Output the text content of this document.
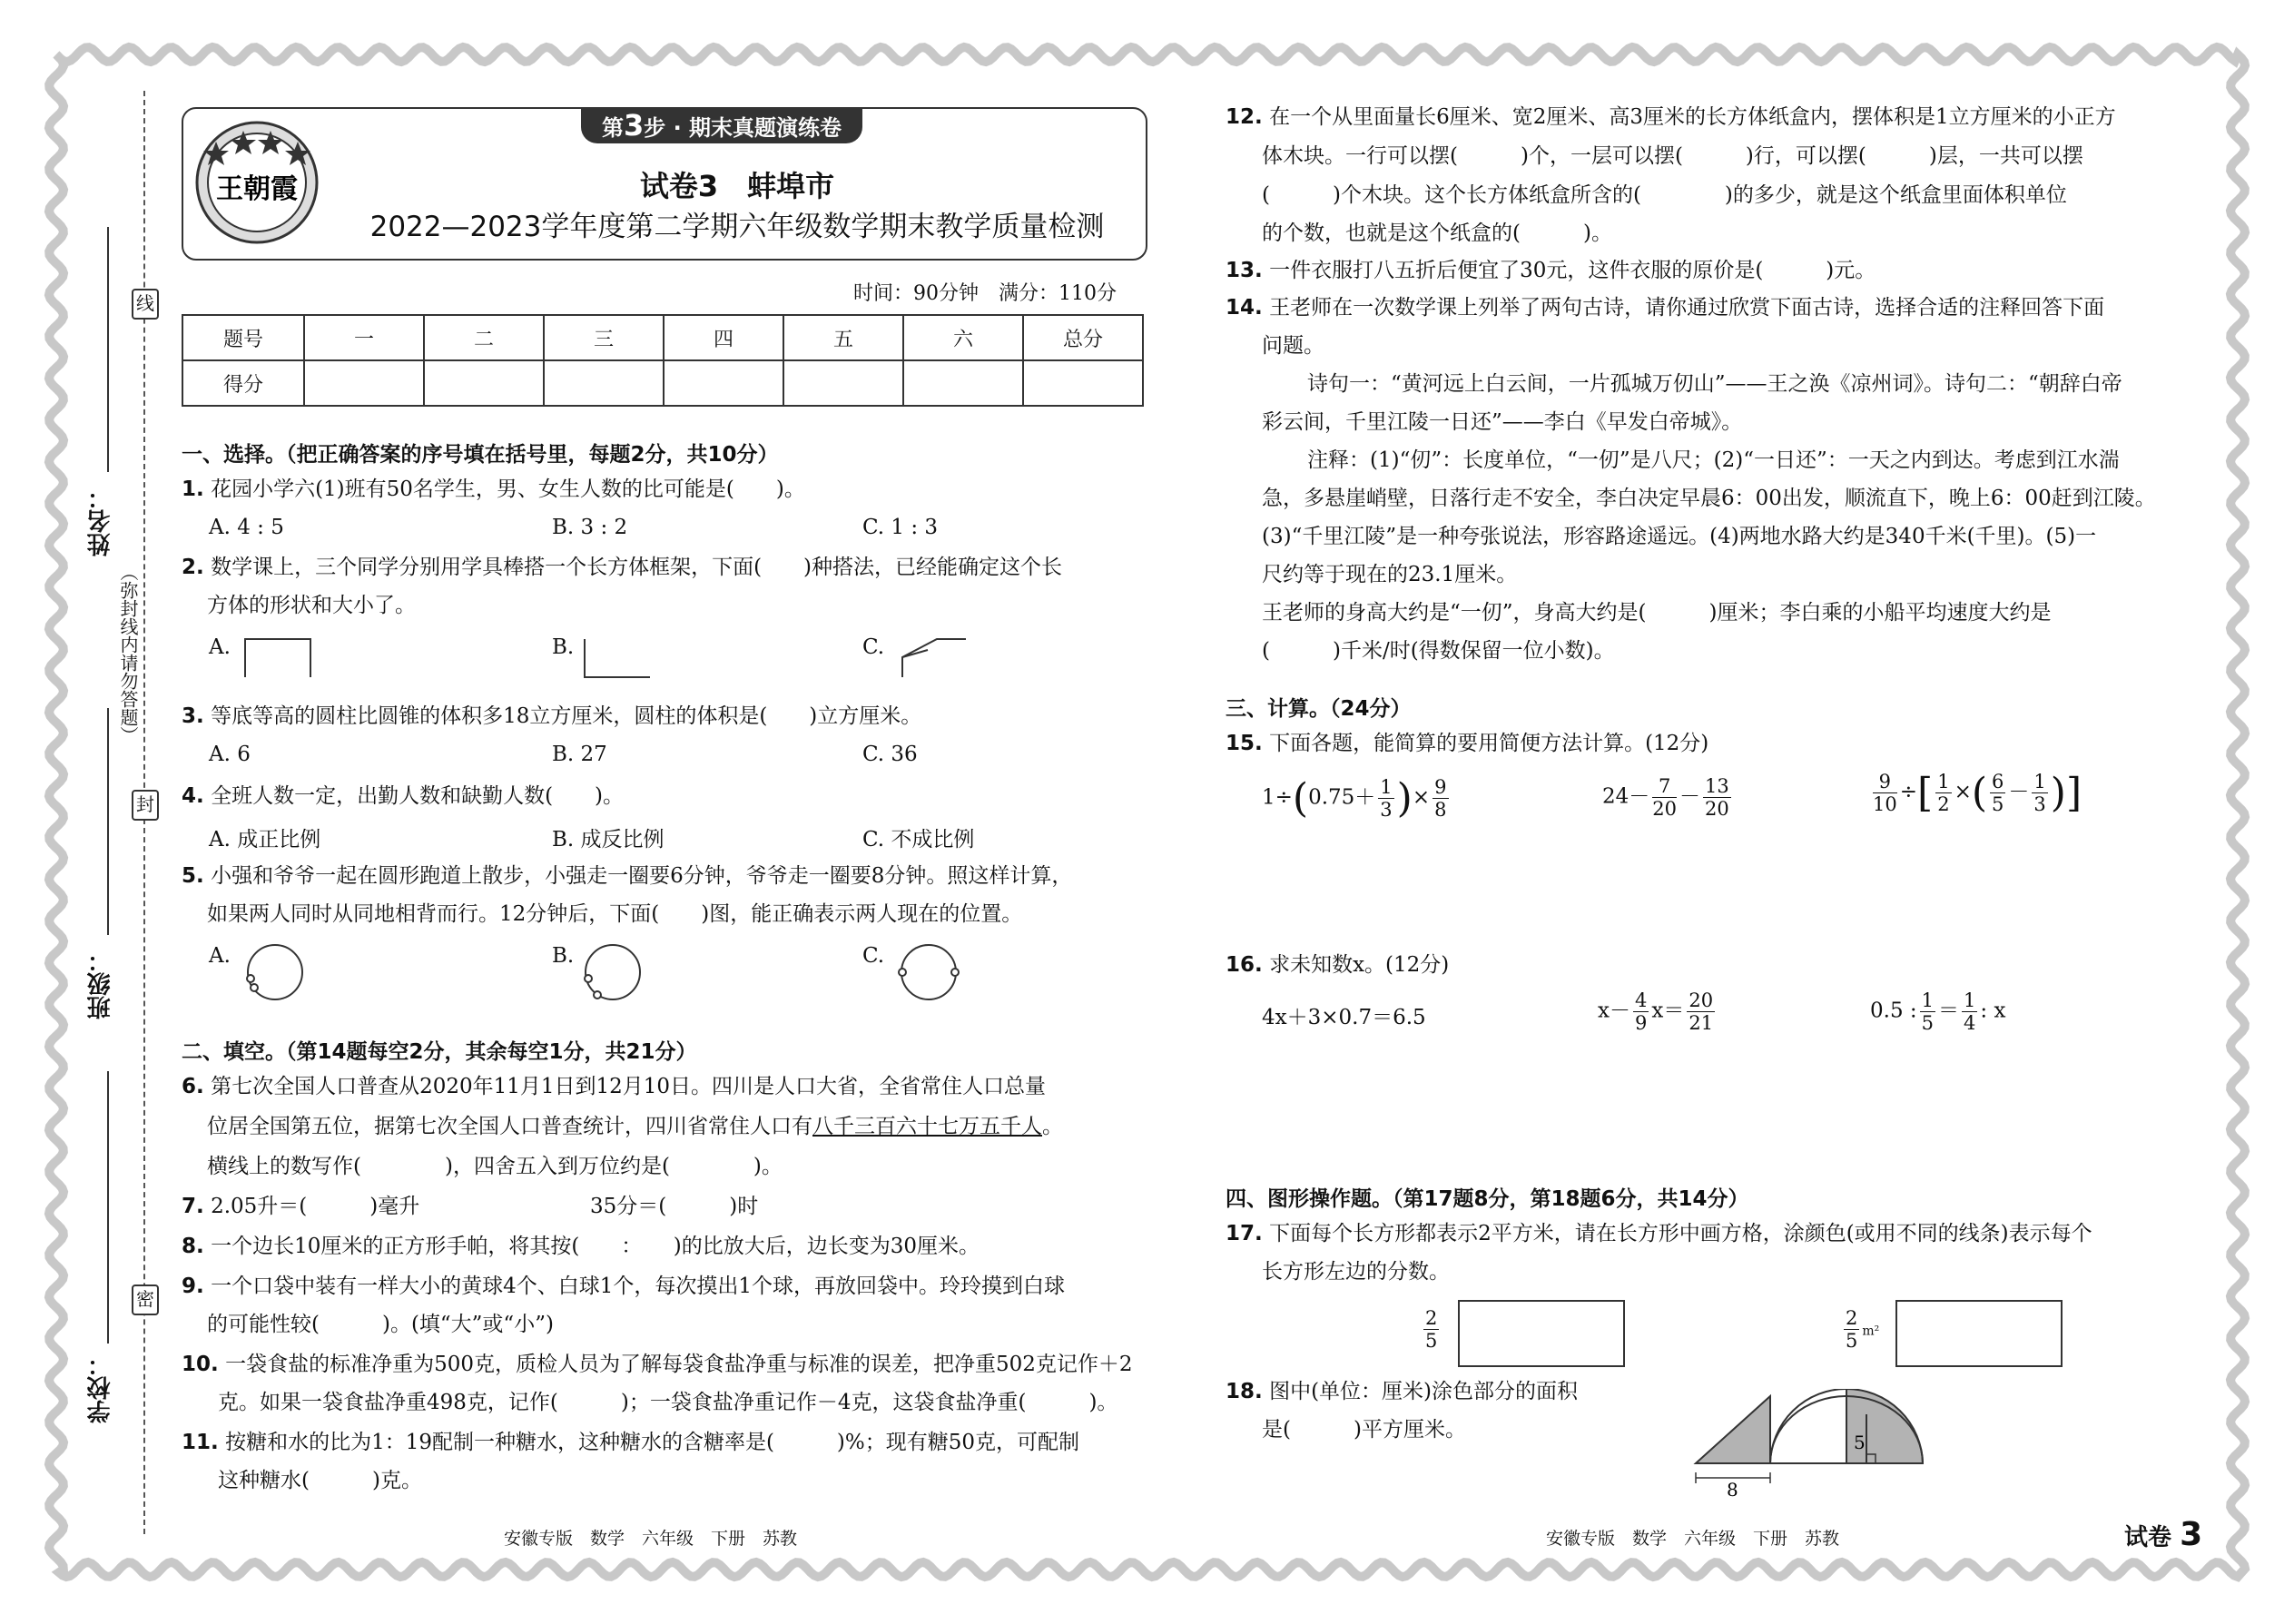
线
封
密
（弥封线内请勿答题）
姓名：
班级：
学校：
第3步 · 期末真题演练卷
王朝霞	试卷3　蚌埠市
2022—2023学年度第二学期六年级数学期末教学质量检测
时间：90分钟　满分：110分
题号	一	二	三	四	五	六	总分
得分							
一、选择。（把正确答案的序号填在括号里，每题2分，共10分）
1. 花园小学六(1)班有50名学生，男、女生人数的比可能是(　　)。
A. 4 : 5	B. 3 : 2	C. 1 : 3
2. 数学课上，三个同学分别用学具棒搭一个长方体框架，下面(　　)种搭法，已经能确定这个长
方体的形状和大小了。
A.	B.	C.
3. 等底等高的圆柱比圆锥的体积多18立方厘米，圆柱的体积是(　　)立方厘米。
A. 6	B. 27	C. 36
4. 全班人数一定，出勤人数和缺勤人数(　　)。
A. 成正比例	B. 成反比例	C. 不成比例
5. 小强和爷爷一起在圆形跑道上散步，小强走一圈要6分钟，爷爷走一圈要8分钟。照这样计算，
如果两人同时从同地相背而行。12分钟后，下面(　　)图，能正确表示两人现在的位置。
A.	B.	C.
二、填空。（第14题每空2分，其余每空1分，共21分）
6. 第七次全国人口普查从2020年11月1日到12月10日。四川是人口大省，全省常住人口总量
位居全国第五位，据第七次全国人口普查统计，四川省常住人口有八千三百六十七万五千人。
横线上的数写作(　　　　)，四舍五入到万位约是(　　　　)。
7. 2.05升＝(　　　)毫升	35分＝(　　　)时
8. 一个边长10厘米的正方形手帕，将其按(　　：　　)的比放大后，边长变为30厘米。
9. 一个口袋中装有一样大小的黄球4个、白球1个，每次摸出1个球，再放回袋中。玲玲摸到白球
的可能性较(　　　)。(填“大”或“小”)
10. 一袋食盐的标准净重为500克，质检人员为了解每袋食盐净重与标准的误差，把净重502克记作＋2
克。如果一袋食盐净重498克，记作(　　　)；一袋食盐净重记作－4克，这袋食盐净重(　　　)。
11. 按糖和水的比为1：19配制一种糖水，这种糖水的含糖率是(　　　)%；现有糖50克，可配制
这种糖水(　　　)克。
安徽专版　数学　六年级　下册　苏教
12. 在一个从里面量长6厘米、宽2厘米、高3厘米的长方体纸盒内，摆体积是1立方厘米的小正方
体木块。一行可以摆(　　　)个，一层可以摆(　　　)行，可以摆(　　　)层，一共可以摆
(　　　)个木块。这个长方体纸盒所含的(　　　　)的多少，就是这个纸盒里面体积单位
的个数，也就是这个纸盒的(　　　)。
13. 一件衣服打八五折后便宜了30元，这件衣服的原价是(　　　)元。
14. 王老师在一次数学课上列举了两句古诗，请你通过欣赏下面古诗，选择合适的注释回答下面
问题。
诗句一：“黄河远上白云间，一片孤城万仞山”——王之涣《凉州词》。诗句二：“朝辞白帝
彩云间，千里江陵一日还”——李白《早发白帝城》。
注释：(1)“仞”：长度单位，“一仞”是八尺；(2)“一日还”：一天之内到达。考虑到江水湍
急，多悬崖峭壁，日落行走不安全，李白决定早晨6：00出发，顺流直下，晚上6：00赶到江陵。
(3)“千里江陵”是一种夸张说法，形容路途遥远。(4)两地水路大约是340千米(千里)。(5)一
尺约等于现在的23.1厘米。
王老师的身高大约是“一仞”，身高大约是(　　　)厘米；李白乘的小船平均速度大约是
(　　　)千米/时(得数保留一位小数)。
三、计算。（24分）
15. 下面各题，能简算的要用简便方法计算。(12分)
$1\div(0.75+ \frac{1}{3}$ )× $\frac{9}{8}$	$24- \frac{7}{20} - \frac{13}{20}$	$\frac{9}{10}$ ÷[ $\frac{1}{2}$ ×( $\frac{6}{5} - \frac{1}{3}$ )]
16. 求未知数x。(12分)
4x＋3×0.7＝6.5	$x- \frac{4}{9} x= \frac{20}{21}$	0.5 : $\frac{1}{5} = \frac{1}{4}$ : x
四、图形操作题。（第17题8分，第18题6分，共14分）
17. 下面每个长方形都表示2平方米，请在长方形中画方格，涂颜色(或用不同的线条)表示每个
长方形左边的分数。
$\frac{2}{5}$	$\frac{2}{5} m^2$
18. 图中(单位：厘米)涂色部分的面积
是(　　　)平方厘米。
5
8
安徽专版　数学　六年级　下册　苏教	试卷 3
